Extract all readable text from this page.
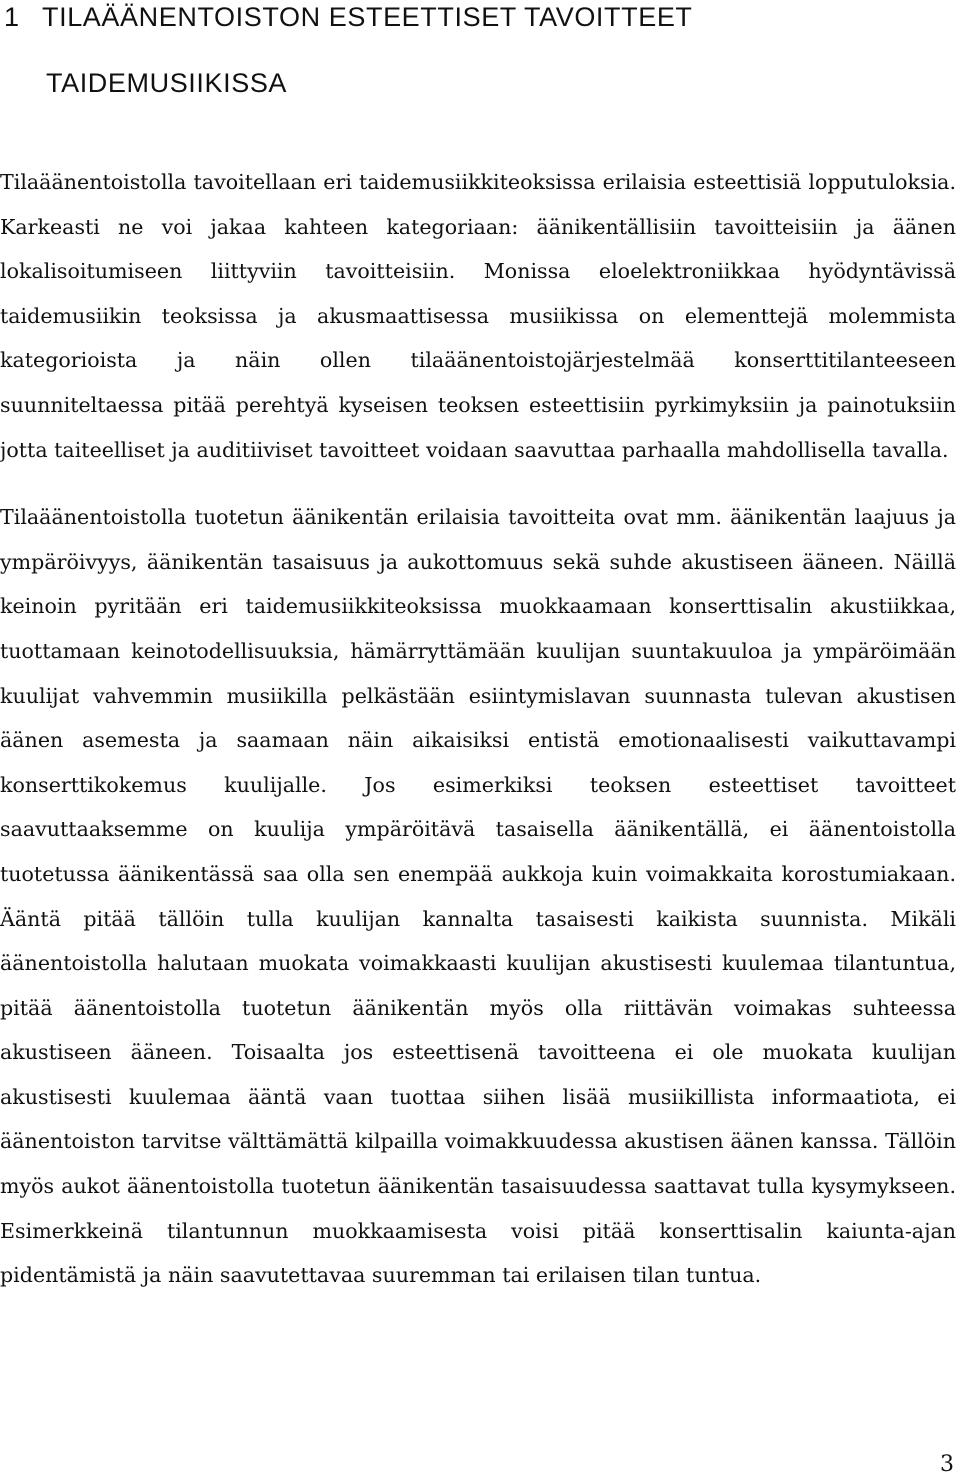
1 TILAÄÄNENTOISTON ESTEETTISET TAVOITTEET
TAIDEMUSIIKISSA

Tilaäänentoistolla tavoitellaan eri taidemusiikkiteoksissa erilaisia esteettisiä lopputuloksia. Karkeasti ne voi jakaa kahteen kategoriaan: äänikentällisiin tavoitteisiin ja äänen lokalisoitumiseen liittyviin tavoitteisiin. Monissa eloelektroniikkaa hyödyntävissä taidemusiikin teoksissa ja akusmaattisessa musiikissa on elementtejä molemmista kategorioista ja näin ollen tilaäänentoistojärjestelmää konserttitilanteeseen suunniteltaessa pitää perehtyä kyseisen teoksen esteettisiin pyrkimyksiin ja painotuksiin jotta taiteelliset ja auditiiviset tavoitteet voidaan saavuttaa parhaalla mahdollisella tavalla.

Tilaäänentoistolla tuotetun äänikentän erilaisia tavoitteita ovat mm. äänikentän laajuus ja ympäröivyys, äänikentän tasaisuus ja aukottomuus sekä suhde akustiseen ääneen. Näillä keinoin pyritään eri taidemusiikkiteoksissa muokkaamaan konserttisalin akustiikkaa, tuottamaan keinotodellisuuksia, hämärryttämään kuulijan suuntakuuloa ja ympäröimään kuulijat vahvemmin musiikilla pelkästään esiintymislavan suunnasta tulevan akustisen äänen asemesta ja saamaan näin aikaisiksi entistä emotionaalisesti vaikuttavampi konserttikokemus kuulijalle. Jos esimerkiksi teoksen esteettiset tavoitteet saavuttaaksemme on kuulija ympäröitävä tasaisella äänikentällä, ei äänentoistolla tuotetussa äänikentässä saa olla sen enempää aukkoja kuin voimakkaita korostumiakaan. Ääntä pitää tällöin tulla kuulijan kannalta tasaisesti kaikista suunnista. Mikäli äänentoistolla halutaan muokata voimakkaasti kuulijan akustisesti kuulemaa tilantuntua, pitää äänentoistolla tuotetun äänikentän myös olla riittävän voimakas suhteessa akustiseen ääneen. Toisaalta jos esteettisenä tavoitteena ei ole muokata kuulijan akustisesti kuulemaa ääntä vaan tuottaa siihen lisää musiikillista informaatiota, ei äänentoiston tarvitse välttämättä kilpailla voimakkuudessa akustisen äänen kanssa. Tällöin myös aukot äänentoistolla tuotetun äänikentän tasaisuudessa saattavat tulla kysymykseen. Esimerkkeinä tilantunnun muokkaamisesta voisi pitää konserttisalin kaiunta-ajan pidentämistä ja näin saavutettavaa suuremman tai erilaisen tilan tuntua.

3
